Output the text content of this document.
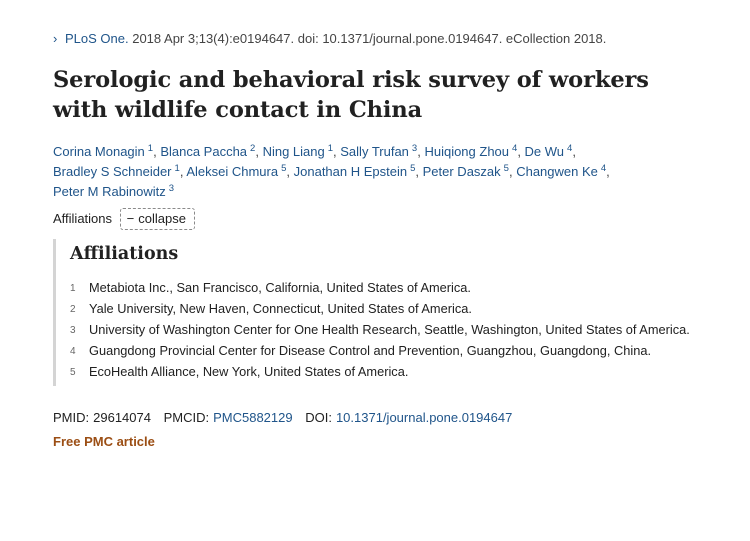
› PLoS One. 2018 Apr 3;13(4):e0194647. doi: 10.1371/journal.pone.0194647. eCollection 2018.
Serologic and behavioral risk survey of workers with wildlife contact in China
Corina Monagin $^1$, Blanca Paccha $^2$, Ning Liang $^1$, Sally Trufan $^3$, Huiqiong Zhou $^4$, De Wu $^4$, Bradley S Schneider $^1$, Aleksei Chmura $^5$, Jonathan H Epstein $^5$, Peter Daszak $^5$, Changwen Ke $^4$, Peter M Rabinowitz $^3$
Affiliations − collapse
Affiliations
1 Metabiota Inc., San Francisco, California, United States of America.
2 Yale University, New Haven, Connecticut, United States of America.
3 University of Washington Center for One Health Research, Seattle, Washington, United States of America.
4 Guangdong Provincial Center for Disease Control and Prevention, Guangzhou, Guangdong, China.
5 EcoHealth Alliance, New York, United States of America.
PMID: 29614074 PMCID: PMC5882129 DOI: 10.1371/journal.pone.0194647
Free PMC article
